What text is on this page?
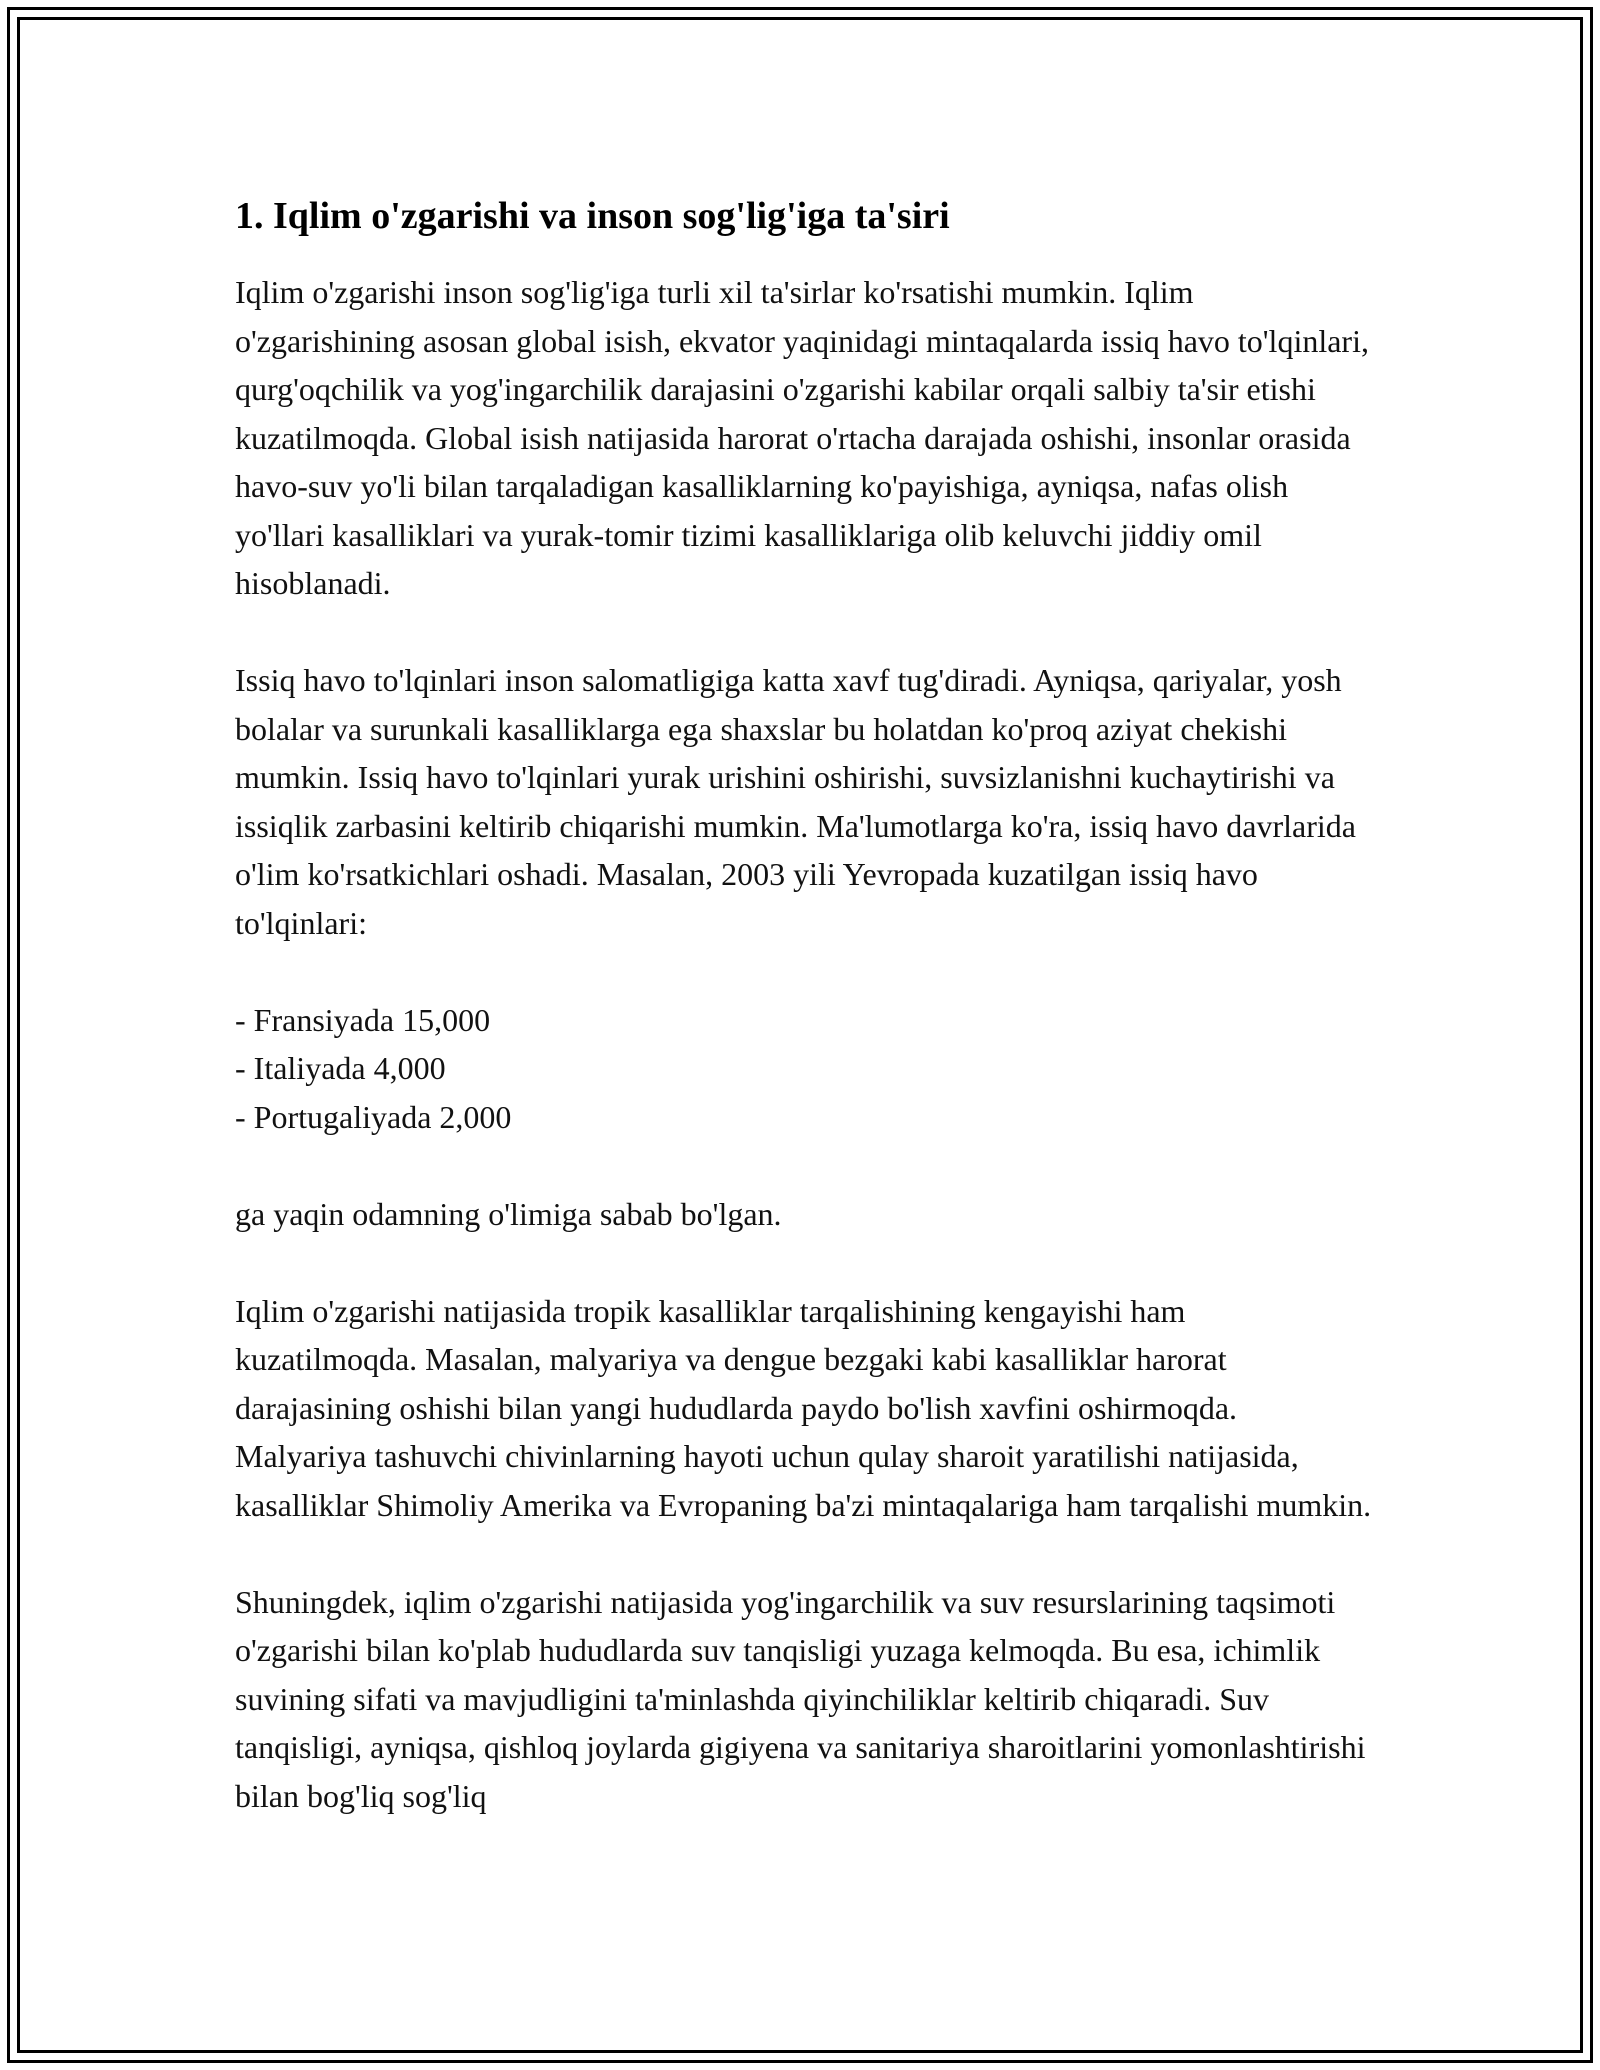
1. Iqlim o'zgarishi va inson sog'lig'iga ta'siri

Iqlim o'zgarishi inson sog'lig'iga turli xil ta'sirlar ko'rsatishi mumkin. Iqlim o'zgarishining asosan global isish, ekvator yaqinidagi mintaqalarda issiq havo to'lqinlari, qurg'oqchilik va yog'ingarchilik darajasini o'zgarishi kabilar orqali salbiy ta'sir etishi kuzatilmoqda. Global isish natijasida harorat o'rtacha darajada oshishi, insonlar orasida havo-suv yo'li bilan tarqaladigan kasalliklarning ko'payishiga, ayniqsa, nafas olish yo'llari kasalliklari va yurak-tomir tizimi kasalliklariga olib keluvchi jiddiy omil hisoblanadi.

Issiq havo to'lqinlari inson salomatligiga katta xavf tug'diradi. Ayniqsa, qariyalar, yosh bolalar va surunkali kasalliklarga ega shaxslar bu holatdan ko'proq aziyat chekishi mumkin. Issiq havo to'lqinlari yurak urishini oshirishi, suvsizlanishni kuchaytirishi va issiqlik zarbasini keltirib chiqarishi mumkin. Ma'lumotlarga ko'ra, issiq havo davrlarida o'lim ko'rsatkichlari oshadi. Masalan, 2003 yili Yevropada kuzatilgan issiq havo to'lqinlari:

- Fransiyada 15,000
- Italiyada 4,000
- Portugaliyada 2,000

ga yaqin odamning o'limiga sabab bo'lgan.

Iqlim o'zgarishi natijasida tropik kasalliklar tarqalishining kengayishi ham kuzatilmoqda. Masalan, malyariya va dengue bezgaki kabi kasalliklar harorat darajasining oshishi bilan yangi hududlarda paydo bo'lish xavfini oshirmoqda. Malyariya tashuvchi chivinlarning hayoti uchun qulay sharoit yaratilishi natijasida, kasalliklar Shimoliy Amerika va Evropaning ba'zi mintaqalariga ham tarqalishi mumkin.

Shuningdek, iqlim o'zgarishi natijasida yog'ingarchilik va suv resurslarining taqsimoti o'zgarishi bilan ko'plab hududlarda suv tanqisligi yuzaga kelmoqda. Bu esa, ichimlik suvining sifati va mavjudligini ta'minlashda qiyinchiliklar keltirib chiqaradi. Suv tanqisligi, ayniqsa, qishloq joylarda gigiyena va sanitariya sharoitlarini yomonlashtirishi bilan bog'liq sog'liq
